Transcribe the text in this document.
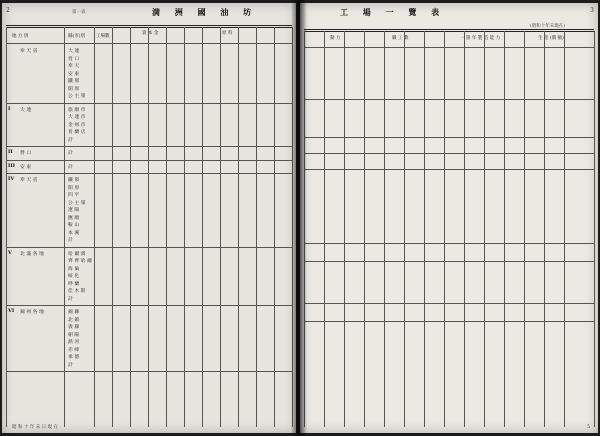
2	第一表	満 洲 國 油 坊
地 方 別	縣(市)別 工場數
資 本 金	原 料
昭 和 十 年 末 日 現 在
奉 天 省	大 連
営 口
奉 天
安 東
鐵 嶺
開 原
公 主 嶺
I 大 連	旅 順 市
大 連 市
金 州 市
普 蘭 店
計
II 營 口	計
III 安 東	計
IV 奉 天 省	鐵 嶺
開 原
四 平
公 主 嶺
遼 陽
撫 順
鞍 山
本 溪
計
V 北 滿 各 地	哈 爾 濱
齊 齊 哈 爾
海 倫
綏 化
呼 蘭
佳 木 斯
計
VI 錦 州 各 地	錦 縣
北 鎮
義 縣
朝 陽
熱 河
赤 峰
承 德
計
3
工 場 一 覽 表
(昭和十年末現在)
動 力	職 工 數	一 箇 年 製 造 能 力	生 産 (價 額)
5
